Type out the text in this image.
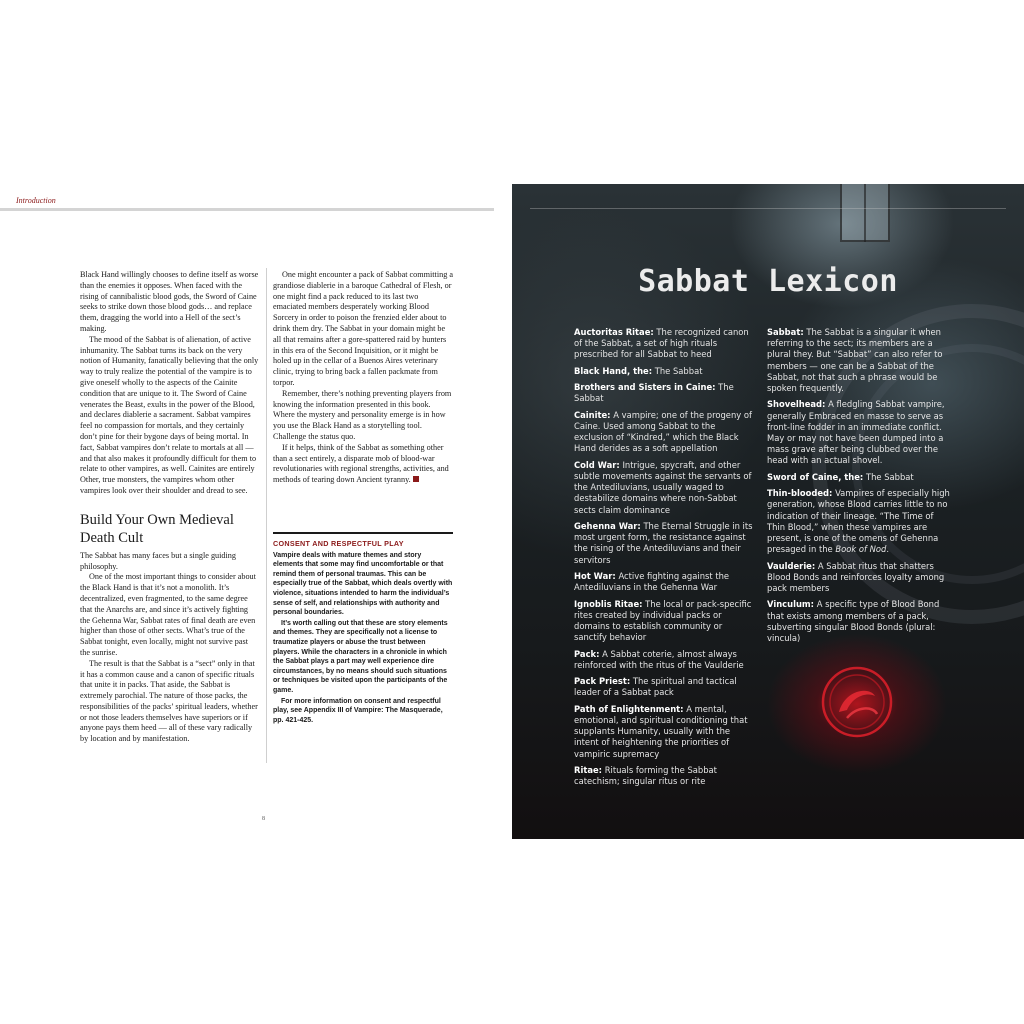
Introduction

Black Hand willingly chooses to define itself as worse than the enemies it opposes. When faced with the rising of cannibalistic blood gods, the Sword of Caine seeks to strike down those blood gods… and replace them, dragging the world into a Hell of the sect’s making.

The mood of the Sabbat is of alienation, of active inhumanity. The Sabbat turns its back on the very notion of Humanity, fanatically believing that the only way to truly realize the potential of the vampire is to give oneself wholly to the aspects of the Cainite condition that are unique to it. The Sword of Caine venerates the Beast, exults in the power of the Blood, and declares diablerie a sacrament. Sabbat vampires feel no compassion for mortals, and they certainly don’t pine for their bygone days of being mortal. In fact, Sabbat vampires don’t relate to mortals at all — and that also makes it profoundly difficult for them to relate to other vampires, as well. Cainites are entirely Other, true monsters, the vampires whom other vampires look over their shoulder and dread to see.

Build Your Own Medieval Death Cult

The Sabbat has many faces but a single guiding philosophy.

One of the most important things to consider about the Black Hand is that it’s not a monolith. It’s decentralized, even fragmented, to the same degree that the Anarchs are, and since it’s actively fighting the Gehenna War, Sabbat rates of final death are even higher than those of other sects. What’s true of the Sabbat tonight, even locally, might not survive past the sunrise.

The result is that the Sabbat is a “sect” only in that it has a common cause and a canon of specific rituals that unite it in packs. That aside, the Sabbat is extremely parochial. The nature of those packs, the responsibilities of the packs’ spiritual leaders, whether or not those leaders themselves have superiors or if anyone pays them heed — all of these vary radically by location and by manifestation.

One might encounter a pack of Sabbat committing a grandiose diablerie in a baroque Cathedral of Flesh, or one might find a pack reduced to its last two emaciated members desperately working Blood Sorcery in order to poison the frenzied elder about to drink them dry. The Sabbat in your domain might be all that remains after a gore-spattered raid by hunters in this era of the Second Inquisition, or it might be holed up in the cellar of a Buenos Aires veterinary clinic, trying to bring back a fallen packmate from torpor.

Remember, there’s nothing preventing players from knowing the information presented in this book. Where the mystery and personality emerge is in how you use the Black Hand as a storytelling tool. Challenge the status quo.

If it helps, think of the Sabbat as something other than a sect entirely, a disparate mob of blood-war revolutionaries with regional strengths, activities, and methods of tearing down Ancient tyranny.

CONSENT AND RESPECTFUL PLAY

Vampire deals with mature themes and story elements that some may find uncomfortable or that remind them of personal traumas. This can be especially true of the Sabbat, which deals overtly with violence, situations intended to harm the individual’s sense of self, and relationships with authority and personal boundaries.

It’s worth calling out that these are story elements and themes. They are specifically not a license to traumatize players or abuse the trust between players. While the characters in a chronicle in which the Sabbat plays a part may well experience dire circumstances, by no means should such situations or techniques be visited upon the participants of the game.

For more information on consent and respectful play, see Appendix III of Vampire: The Masquerade, pp. 421-425.

8
Sabbat Lexicon
Auctoritas Ritae: The recognized canon of the Sabbat, a set of high rituals prescribed for all Sabbat to heed
Black Hand, the: The Sabbat
Brothers and Sisters in Caine: The Sabbat
Cainite: A vampire; one of the progeny of Caine. Used among Sabbat to the exclusion of “Kindred,” which the Black Hand derides as a soft appellation
Cold War: Intrigue, spycraft, and other subtle movements against the servants of the Antediluvians, usually waged to destabilize domains where non-Sabbat sects claim dominance
Gehenna War: The Eternal Struggle in its most urgent form, the resistance against the rising of the Antediluvians and their servitors
Hot War: Active fighting against the Antediluvians in the Gehenna War
Ignoblis Ritae: The local or pack-specific rites created by individual packs or domains to establish community or sanctify behavior
Pack: A Sabbat coterie, almost always reinforced with the ritus of the Vaulderie
Pack Priest: The spiritual and tactical leader of a Sabbat pack
Path of Enlightenment: A mental, emotional, and spiritual conditioning that supplants Humanity, usually with the intent of heightening the priorities of vampiric supremacy
Ritae: Rituals forming the Sabbat catechism; singular ritus or rite
Sabbat: The Sabbat is a singular it when referring to the sect; its members are a plural they. But “Sabbat” can also refer to members — one can be a Sabbat of the Sabbat, not that such a phrase would be spoken frequently.
Shovelhead: A fledgling Sabbat vampire, generally Embraced en masse to serve as front-line fodder in an immediate conflict. May or may not have been dumped into a mass grave after being clubbed over the head with an actual shovel.
Sword of Caine, the: The Sabbat
Thin-blooded: Vampires of especially high generation, whose Blood carries little to no indication of their lineage. “The Time of Thin Blood,” when these vampires are present, is one of the omens of Gehenna presaged in the Book of Nod.
Vaulderie: A Sabbat ritus that shatters Blood Bonds and reinforces loyalty among pack members
Vinculum: A specific type of Blood Bond that exists among members of a pack, subverting singular Blood Bonds (plural: vincula)
